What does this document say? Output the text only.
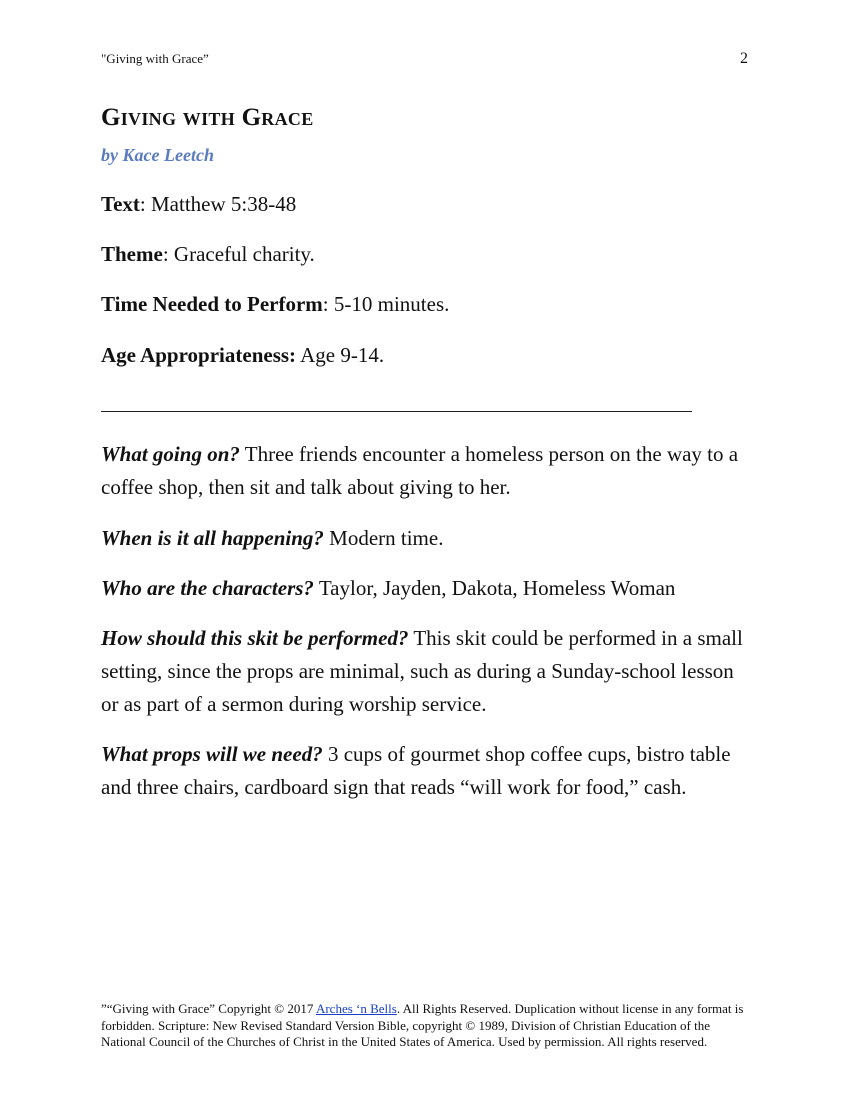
"Giving with Grace”	2
Giving with Grace
by Kace Leetch

Text: Matthew 5:38-48

Theme: Graceful charity.

Time Needed to Perform: 5-10 minutes.

Age Appropriateness: Age 9-14.

What going on? Three friends encounter a homeless person on the way to a coffee shop, then sit and talk about giving to her.

When is it all happening? Modern time.

Who are the characters? Taylor, Jayden, Dakota, Homeless Woman

How should this skit be performed? This skit could be performed in a small setting, since the props are minimal, such as during a Sunday-school lesson or as part of a sermon during worship service.

What props will we need? 3 cups of gourmet shop coffee cups, bistro table and three chairs, cardboard sign that reads “will work for food,” cash.

”“Giving with Grace” Copyright © 2017 Arches ‘n Bells. All Rights Reserved. Duplication without license in any format is forbidden. Scripture: New Revised Standard Version Bible, copyright © 1989, Division of Christian Education of the National Council of the Churches of Christ in the United States of America. Used by permission. All rights reserved.
